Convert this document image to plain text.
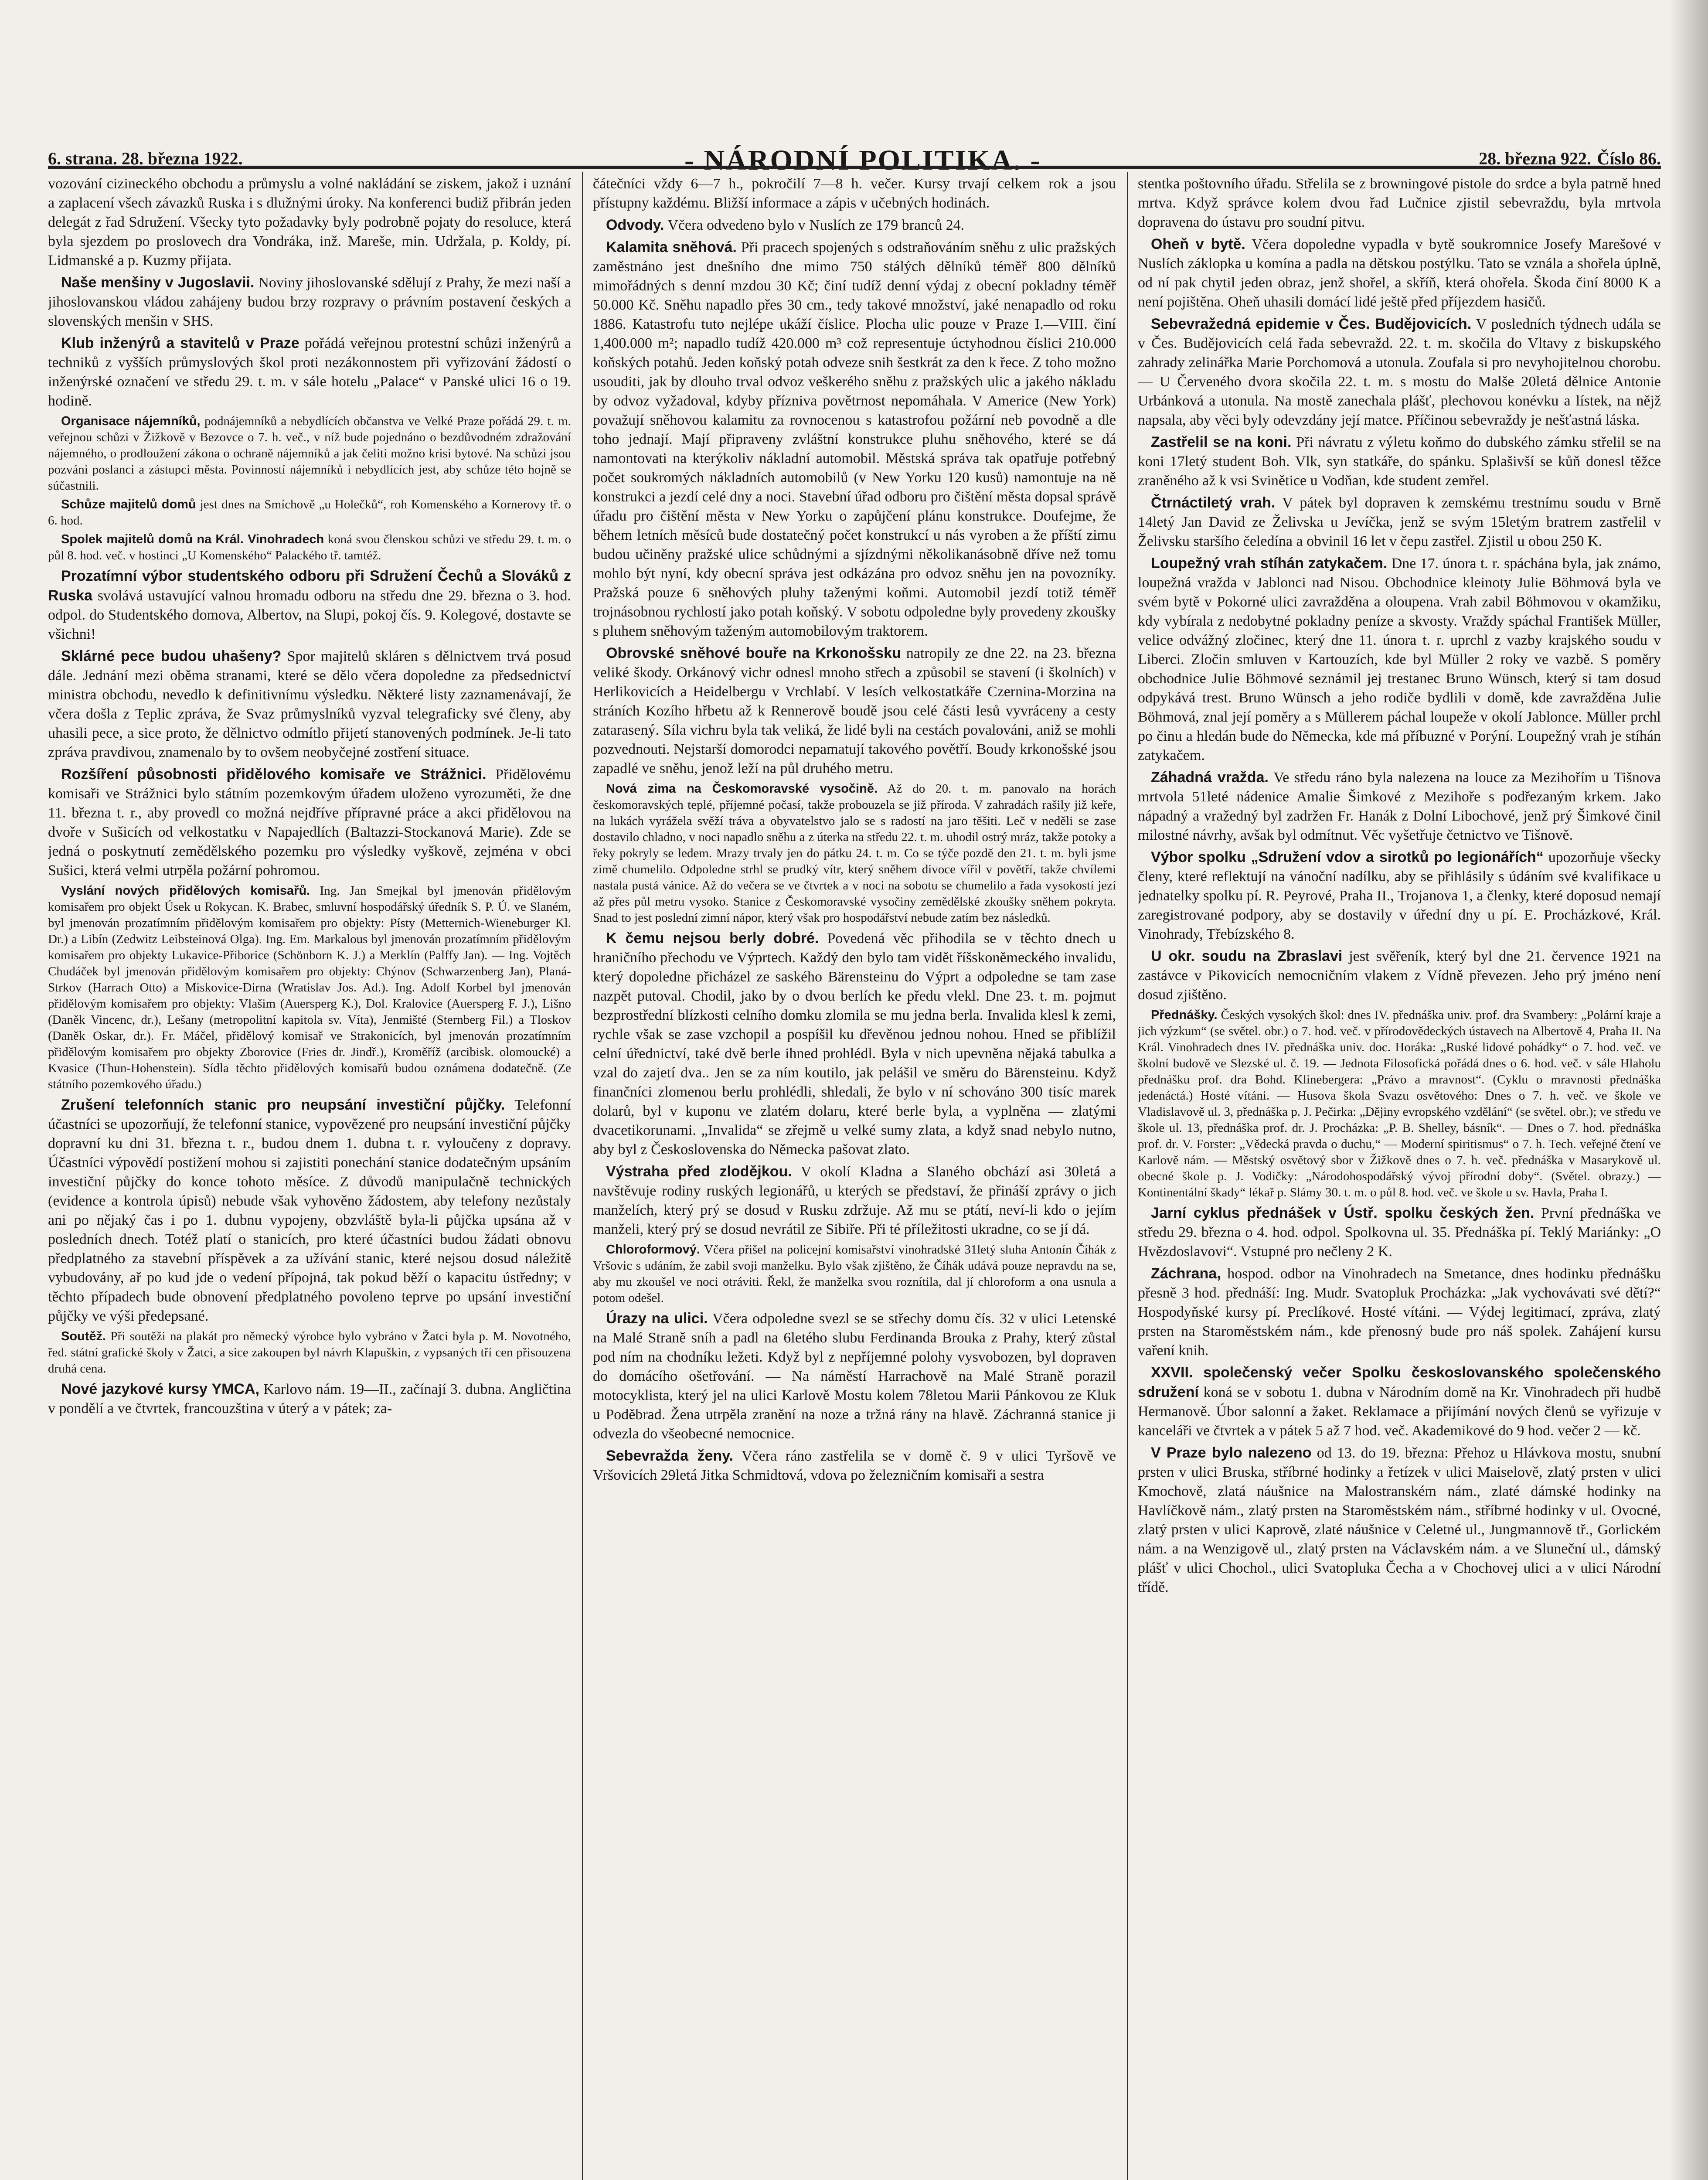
6. strana. 28. března 1922.	- NÁRODNÍ POLITIKA. -	28. března 922. Číslo 86.

vozování cizineckého obchodu a průmyslu a volné nakládání se ziskem, jakož i uznání a zaplacení všech závazků Ruska i s dlužnými úroky. Na konferenci budiž přibrán jeden delegát z řad Sdružení. Všecky tyto požadavky byly podrobně pojaty do resoluce, která byla sjezdem po proslovech dra Vondráka, inž. Mareše, min. Udržala, p. Koldy, pí. Lidmanské a p. Kuzmy přijata.

Naše menšiny v Jugoslavii. Noviny jihoslovanské sdělují z Prahy, že mezi naší a jihoslovanskou vládou zahájeny budou brzy rozpravy o právním postavení českých a slovenských menšin v SHS.

Klub inženýrů a stavitelů v Praze pořádá veřejnou protestní schůzi inženýrů a techniků z vyšších průmyslových škol proti nezákonnostem při vyřizování žádostí o inženýrské označení ve středu 29. t. m. v sále hotelu „Palace“ v Panské ulici 16 o 19. hodině.

Organisace nájemníků, podnájemníků a nebydlících občanstva ve Velké Praze pořádá 29. t. m. veřejnou schůzi v Žižkově v Bezovce o 7. h. več., v níž bude pojednáno o bezdůvodném zdražování nájemného, o prodloužení zákona o ochraně nájemníků a jak čeliti možno krisi bytové. Na schůzi jsou pozváni poslanci a zástupci města. Povinností nájemníků i nebydlících jest, aby schůze této hojně se súčastnili.

Schůze majitelů domů jest dnes na Smíchově „u Holečků“, roh Komenského a Kornerovy tř. o 6. hod.

Spolek majitelů domů na Král. Vinohradech koná svou členskou schůzi ve středu 29. t. m. o půl 8. hod. več. v hostinci „U Komenského“ Palackého tř. tamtéž.

Prozatímní výbor studentského odboru při Sdružení Čechů a Slováků z Ruska svolává ustavující valnou hromadu odboru na středu dne 29. března o 3. hod. odpol. do Studentského domova, Albertov, na Slupi, pokoj čís. 9. Kolegové, dostavte se všichni!

Sklárné pece budou uhašeny? Spor majitelů skláren s dělnictvem trvá posud dále. Jednání mezi oběma stranami, které se dělo včera dopoledne za předsednictví ministra obchodu, nevedlo k definitivnímu výsledku. Některé listy zaznamenávají, že včera došla z Teplic zpráva, že Svaz průmyslníků vyzval telegraficky své členy, aby uhasili pece, a sice proto, že dělnictvo odmítlo přijetí stanovených podmínek. Je-li tato zpráva pravdivou, znamenalo by to ovšem neobyčejné zostření situace.

Rozšíření působnosti přidělového komisaře ve Strážnici. Přidělovému komisaři ve Strážnici bylo státním pozemkovým úřadem uloženo vyrozuměti, že dne 11. března t. r., aby provedl co možná nejdříve přípravné práce a akci přidělovou na dvoře v Sušicích od velkostatku v Napajedlích (Baltazzi-Stockanová Marie). Zde se jedná o poskytnutí zemědělského pozemku pro výsledky vyškově, zejména v obci Sušici, která velmi utrpěla požární pohromou.

Vyslání nových přidělových komisařů. Ing. Jan Smejkal byl jmenován přidělovým komisařem pro objekt Úsek u Rokycan. K. Brabec, smluvní hospodářský úředník S. P. Ú. ve Slaném, byl jmenován prozatímním přidělovým komisařem pro objekty: Písty (Metternich-Wieneburger Kl. Dr.) a Libín (Zedwitz Leibsteinová Olga). Ing. Em. Markalous byl jmenován prozatímním přidělovým komisařem pro objekty Lukavice-Přiborice (Schönborn K. J.) a Merklín (Palffy Jan). — Ing. Vojtěch Chudáček byl jmenován přidělovým komisařem pro objekty: Chýnov (Schwarzenberg Jan), Planá-Strkov (Harrach Otto) a Miskovice-Dirna (Wratislav Jos. Ad.). Ing. Adolf Korbel byl jmenován přidělovým komisařem pro objekty: Vlašim (Auersperg K.), Dol. Kralovice (Auersperg F. J.), Lišno (Daněk Vincenc, dr.), Lešany (metropolitní kapitola sv. Víta), Jenmišté (Sternberg Fil.) a Tloskov (Daněk Oskar, dr.). Fr. Máčel, přidělový komisař ve Strakonicích, byl jmenován prozatímním přidělovým komisařem pro objekty Zborovice (Fries dr. Jindř.), Kroměříž (arcibisk. olomoucké) a Kvasice (Thun-Hohenstein). Sídla těchto přidělových komisařů budou oznámena dodatečně. (Ze státního pozemkového úřadu.)

Zrušení telefonních stanic pro neupsání investiční půjčky. Telefonní účastníci se upozorňují, že telefonní stanice, vypovězené pro neupsání investiční půjčky dopravní ku dni 31. března t. r., budou dnem 1. dubna t. r. vyloučeny z dopravy. Účastníci výpovědí postižení mohou si zajistiti ponechání stanice dodatečným upsáním investiční půjčky do konce tohoto měsíce. Z důvodů manipulačně technických (evidence a kontrola úpisů) nebude však vyhověno žádostem, aby telefony nezůstaly ani po nějaký čas i po 1. dubnu vypojeny, obzvláště byla-li půjčka upsána až v posledních dnech. Totéž platí o stanicích, pro které účastníci budou žádati obnovu předplatného za stavební příspěvek a za užívání stanic, které nejsou dosud náležitě vybudovány, ař po kud jde o vedení přípojná, tak pokud běží o kapacitu ústředny; v těchto případech bude obnovení předplatného povoleno teprve po upsání investiční půjčky ve výši předepsané.

Soutěž. Při soutěži na plakát pro německý výrobce bylo vybráno v Žatci byla p. M. Novotného, řed. státní grafické školy v Žatci, a sice zakoupen byl návrh Klapuškin, z vypsaných tří cen přisouzena druhá cena.

Nové jazykové kursy YMCA, Karlovo nám. 19—II., začínají 3. dubna. Angličtina v pondělí a ve čtvrtek, francouzština v úterý a v pátek; za-

čátečníci vždy 6—7 h., pokročilí 7—8 h. večer. Kursy trvají celkem rok a jsou přístupny každému. Bližší informace a zápis v učebných hodinách.

Odvody. Včera odvedeno bylo v Nuslích ze 179 branců 24.

Kalamita sněhová. Při pracech spojených s odstraňováním sněhu z ulic pražských zaměstnáno jest dnešního dne mimo 750 stálých dělníků téměř 800 dělníků mimořádných s denní mzdou 30 Kč; činí tudíž denní výdaj z obecní pokladny téměř 50.000 Kč. Sněhu napadlo přes 30 cm., tedy takové množství, jaké nenapadlo od roku 1886. Katastrofu tuto nejlépe ukáží číslice. Plocha ulic pouze v Praze I.—VIII. činí 1,400.000 m²; napadlo tudíž 420.000 m³ což representuje úctyhodnou číslici 210.000 koňských potahů. Jeden koňský potah odveze snih šestkrát za den k řece. Z toho možno usouditi, jak by dlouho trval odvoz veškerého sněhu z pražských ulic a jakého nákladu by odvoz vyžadoval, kdyby přízniva povětrnost nepomáhala. V Americe (New York) považují sněhovou kalamitu za rovnocenou s katastrofou požární neb povodně a dle toho jednají. Mají připraveny zvláštní konstrukce pluhu sněhového, které se dá namontovati na kterýkoliv nákladní automobil. Městská správa tak opatřuje potřebný počet soukromých nákladních automobilů (v New Yorku 120 kusů) namontuje na ně konstrukci a jezdí celé dny a noci. Stavební úřad odboru pro čištění města dopsal správě úřadu pro čištění města v New Yorku o zapůjčení plánu konstrukce. Doufejme, že během letních měsíců bude dostatečný počet konstrukcí u nás vyroben a že příští zimu budou učiněny pražské ulice schůdnými a sjízdnými několikanásobně dříve než tomu mohlo být nyní, kdy obecní správa jest odkázána pro odvoz sněhu jen na povozníky. Pražská pouze 6 sněhových pluhy taženými koňmi. Automobil jezdí totiž téměř trojnásobnou rychlostí jako potah koňský. V sobotu odpoledne byly provedeny zkoušky s pluhem sněhovým taženým automobilovým traktorem.

Obrovské sněhové bouře na Krkonošsku natropily ze dne 22. na 23. března veliké škody. Orkánový vichr odnesl mnoho střech a způsobil se stavení (i školních) v Herlikovicích a Heidelbergu v Vrchlabí. V lesích velkostatkáře Czernina-Morzina na stráních Kozího hřbetu až k Rennerově boudě jsou celé části lesů vyvráceny a cesty zatarasený. Síla vichru byla tak veliká, že lidé byli na cestách povalováni, aniž se mohli pozvednouti. Nejstarší domorodci nepamatují takového povětří. Boudy krkonošské jsou zapadlé ve sněhu, jenož leží na půl druhého metru.

Nová zima na Českomoravské vysočině. Až do 20. t. m. panovalo na horách českomoravských teplé, příjemné počasí, takže probouzela se již příroda. V zahradách rašily již keře, na lukách vyrážela svěží tráva a obyvatelstvo jalo se s radostí na jaro těšiti. Leč v neděli se zase dostavilo chladno, v noci napadlo sněhu a z úterka na středu 22. t. m. uhodil ostrý mráz, takže potoky a řeky pokryly se ledem. Mrazy trvaly jen do pátku 24. t. m. Co se týče pozdě den 21. t. m. byli jsme zimě chumelilo. Odpoledne strhl se prudký vítr, který sněhem divoce vířil v povětří, takže chvílemi nastala pustá vánice. Až do večera se ve čtvrtek a v noci na sobotu se chumelilo a řada vysokostí jezí až přes půl metru vysoko. Stanice z Českomoravské vysočiny zemědělské zkoušky sněhem pokryta. Snad to jest poslední zimní nápor, který však pro hospodářství nebude zatím bez následků.

K čemu nejsou berly dobré. Povedená věc přihodila se v těchto dnech u hraničního přechodu ve Výprtech. Každý den bylo tam vidět říšskoněmeckého invalidu, který dopoledne přicházel ze saského Bärensteinu do Výprt a odpoledne se tam zase nazpět putoval. Chodil, jako by o dvou berlích ke předu vlekl. Dne 23. t. m. pojmut bezprostřední blízkosti celního domku zlomila se mu jedna berla. Invalida klesl k zemi, rychle však se zase vzchopil a pospíšil ku dřevěnou jednou nohou. Hned se přiblížil celní úřednictví, také dvě berle ihned prohlédl. Byla v nich upevněna nějaká tabulka a vzal do zajetí dva.. Jen se za ním koutilo, jak pelášil ve směru do Bärensteinu. Když finančníci zlomenou berlu prohlédli, shledali, že bylo v ní schováno 300 tisíc marek dolarů, byl v kuponu ve zlatém dolaru, které berle byla, a vyplněna — zlatými dvacetikorunami. „Invalida“ se zřejmě u velké sumy zlata, a když snad nebylo nutno, aby byl z Československa do Německa pašovat zlato.

Výstraha před zlodějkou. V okolí Kladna a Slaného obchází asi 30letá a navštěvuje rodiny ruských legionářů, u kterých se představí, že přináší zprávy o jich manželích, který prý se dosud v Rusku zdržuje. Až mu se ptátí, neví-li kdo o jejím manželi, který prý se dosud nevrátil ze Sibiře. Při té příležitosti ukradne, co se jí dá.

Chloroformový. Včera přišel na policejní komisařství vinohradské 31letý sluha Antonín Číhák z Vršovic s udáním, že zabil svoji manželku. Bylo však zjištěno, že Číhák udává pouze nepravdu na se, aby mu zkoušel ve noci otráviti. Řekl, že manželka svou roznítila, dal jí chloroform a ona usnula a potom odešel.

Úrazy na ulici. Včera odpoledne svezl se se střechy domu čís. 32 v ulici Letenské na Malé Straně sníh a padl na 6letého slubu Ferdinanda Brouka z Prahy, který zůstal pod ním na chodníku ležeti. Když byl z nepříjemné polohy vysvobozen, byl dopraven do domácího ošetřování. — Na náměstí Harrachově na Malé Straně porazil motocyklista, který jel na ulici Karlově Mostu kolem 78letou Marii Pánkovou ze Kluk u Poděbrad. Žena utrpěla zranění na noze a tržná rány na hlavě. Záchranná stanice ji odvezla do všeobecné nemocnice.

Sebevražda ženy. Včera ráno zastřelila se v domě č. 9 v ulici Tyršově ve Vršovicích 29letá Jitka Schmidtová, vdova po železničním komisaři a sestra

stentka poštovního úřadu. Střelila se z browningové pistole do srdce a byla patrně hned mrtva. Když správce kolem dvou řad Lučnice zjistil sebevraždu, byla mrtvola dopravena do ústavu pro soudní pitvu.

Oheň v bytě. Včera dopoledne vypadla v bytě soukromnice Josefy Marešové v Nuslích záklopka u komína a padla na dětskou postýlku. Tato se vznála a shořela úplně, od ní pak chytil jeden obraz, jenž shořel, a skříň, která ohořela. Škoda činí 8000 K a není pojištěna. Oheň uhasili domácí lidé ještě před příjezdem hasičů.

Sebevražedná epidemie v Čes. Budějovicích. V posledních týdnech udála se v Čes. Budějovicích celá řada sebevražd. 22. t. m. skočila do Vltavy z biskupského zahrady zelinářka Marie Porchomová a utonula. Zoufala si pro nevyhojitelnou chorobu. — U Červeného dvora skočila 22. t. m. s mostu do Malše 20letá dělnice Antonie Urbánková a utonula. Na mostě zanechala plášť, plechovou konévku a lístek, na nějž napsala, aby věci byly odevzdány její matce. Příčinou sebevraždy je nešťastná láska.

Zastřelil se na koni. Při návratu z výletu koňmo do dubského zámku střelil se na koni 17letý student Boh. Vlk, syn statkáře, do spánku. Splašivší se kůň donesl těžce zraněného až k vsi Svinětice u Vodňan, kde student zemřel.

Čtrnáctiletý vrah. V pátek byl dopraven k zemskému trestnímu soudu v Brně 14letý Jan David ze Želivska u Jevíčka, jenž se svým 15letým bratrem zastřelil v Želivsku staršího čeledína a obvinil 16 let v čepu zastřel. Zjistil u obou 250 K.

Loupežný vrah stíhán zatykačem. Dne 17. února t. r. spáchána byla, jak známo, loupežná vražda v Jablonci nad Nisou. Obchodnice kleinoty Julie Böhmová byla ve svém bytě v Pokorné ulici zavražděna a oloupena. Vrah zabil Böhmovou v okamžiku, kdy vybírala z nedobytné pokladny peníze a skvosty. Vraždy spáchal František Müller, velice odvážný zločinec, který dne 11. února t. r. uprchl z vazby krajského soudu v Liberci. Zločin smluven v Kartouzích, kde byl Müller 2 roky ve vazbě. S poměry obchodnice Julie Böhmové seznámil jej trestanec Bruno Wünsch, který si tam dosud odpykává trest. Bruno Wünsch a jeho rodiče bydlili v domě, kde zavražděna Julie Böhmová, znal její poměry a s Müllerem páchal loupeže v okolí Jablonce. Müller prchl po činu a hledán bude do Německa, kde má příbuzné v Porýní. Loupežný vrah je stíhán zatykačem.

Záhadná vražda. Ve středu ráno byla nalezena na louce za Mezihořím u Tišnova mrtvola 51leté nádenice Amalie Šimkové z Mezihoře s podřezaným krkem. Jako nápadný a vražedný byl zadržen Fr. Hanák z Dolní Libochové, jenž prý Šimkové činil milostné návrhy, avšak byl odmítnut. Věc vyšetřuje četnictvo ve Tišnově.

Výbor spolku „Sdružení vdov a sirotků po legionářích“ upozorňuje všecky členy, které reflektují na vánoční nadílku, aby se přihlásily s údáním své kvalifikace u jednatelky spolku pí. R. Peyrové, Praha II., Trojanova 1, a členky, které doposud nemají zaregistrované podpory, aby se dostavily v úřední dny u pí. E. Procházkové, Král. Vinohrady, Třebízského 8.

U okr. soudu na Zbraslavi jest svěřeník, který byl dne 21. července 1921 na zastávce v Pikovicích nemocničním vlakem z Vídně převezen. Jeho prý jméno není dosud zjištěno.

Přednášky. Českých vysokých škol: dnes IV. přednáška univ. prof. dra Svambery: „Polární kraje a jich výzkum“ (se světel. obr.) o 7. hod. več. v přírodovědeckých ústavech na Albertově 4, Praha II. Na Král. Vinohradech dnes IV. přednáška univ. doc. Horáka: „Ruské lidové pohádky“ o 7. hod. več. ve školní budově ve Slezské ul. č. 19. — Jednota Filosofická pořádá dnes o 6. hod. več. v sále Hlaholu přednášku prof. dra Bohd. Klinebergera: „Právo a mravnost“. (Cyklu o mravnosti přednáška jedenáctá.) Hosté vítáni. — Husova škola Svazu osvětového: Dnes o 7. h. več. ve škole ve Vladislavově ul. 3, přednáška p. J. Pečirka: „Dějiny evropského vzdělání“ (se světel. obr.); ve středu ve škole ul. 13, přednáška prof. dr. J. Procházka: „P. B. Shelley, básník“. — Dnes o 7. hod. přednáška prof. dr. V. Forster: „Vědecká pravda o duchu,“ — Moderní spiritismus“ o 7. h. Tech. veřejné čtení ve Karlově nám. — Městský osvětový sbor v Žižkově dnes o 7. h. več. přednáška v Masarykově ul. obecné škole p. J. Vodičky: „Národohospodářský vývoj přírodní doby“. (Světel. obrazy.) — Kontinentální škady“ lékař p. Slámy 30. t. m. o půl 8. hod. več. ve škole u sv. Havla, Praha I.

Jarní cyklus přednášek v Ústř. spolku českých žen. První přednáška ve středu 29. března o 4. hod. odpol. Spolkovna ul. 35. Přednáška pí. Teklý Mariánky: „O Hvězdoslavovi“. Vstupné pro nečleny 2 K.

Záchrana, hospod. odbor na Vinohradech na Smetance, dnes hodinku přednášku přesně 3 hod. přednáší: Ing. Mudr. Svatopluk Procházka: „Jak vychovávati své dětí?“ Hospodyňské kursy pí. Preclíkové. Hosté vítáni. — Výdej legitimací, zpráva, zlatý prsten na Staroměstském nám., kde přenosný bude pro náš spolek. Zahájení kursu vaření knih.

XXVII. společenský večer Spolku českoslovanského společenského sdružení koná se v sobotu 1. dubna v Národním domě na Kr. Vinohradech při hudbě Hermanově. Úbor salonní a žaket. Reklamace a přijímání nových členů se vyřizuje v kanceláři ve čtvrtek a v pátek 5 až 7 hod. več. Akademikové do 9 hod. večer 2 — kč.

V Praze bylo nalezeno od 13. do 19. března: Přehoz u Hlávkova mostu, snubní prsten v ulici Bruska, stříbrné hodinky a řetízek v ulici Maiselově, zlatý prsten v ulici Kmochově, zlatá náušnice na Malostranském nám., zlaté dámské hodinky na Havlíčkově nám., zlatý prsten na Staroměstském nám., stříbrné hodinky v ul. Ovocné, zlatý prsten v ulici Kaprově, zlaté náušnice v Celetné ul., Jungmannově tř., Gorlickém nám. a na Wenzigově ul., zlatý prsten na Václavském nám. a ve Sluneční ul., dámský plášť v ulici Chochol., ulici Svatopluka Čecha a v Chochovej ulici a v ulici Národní třídě.
